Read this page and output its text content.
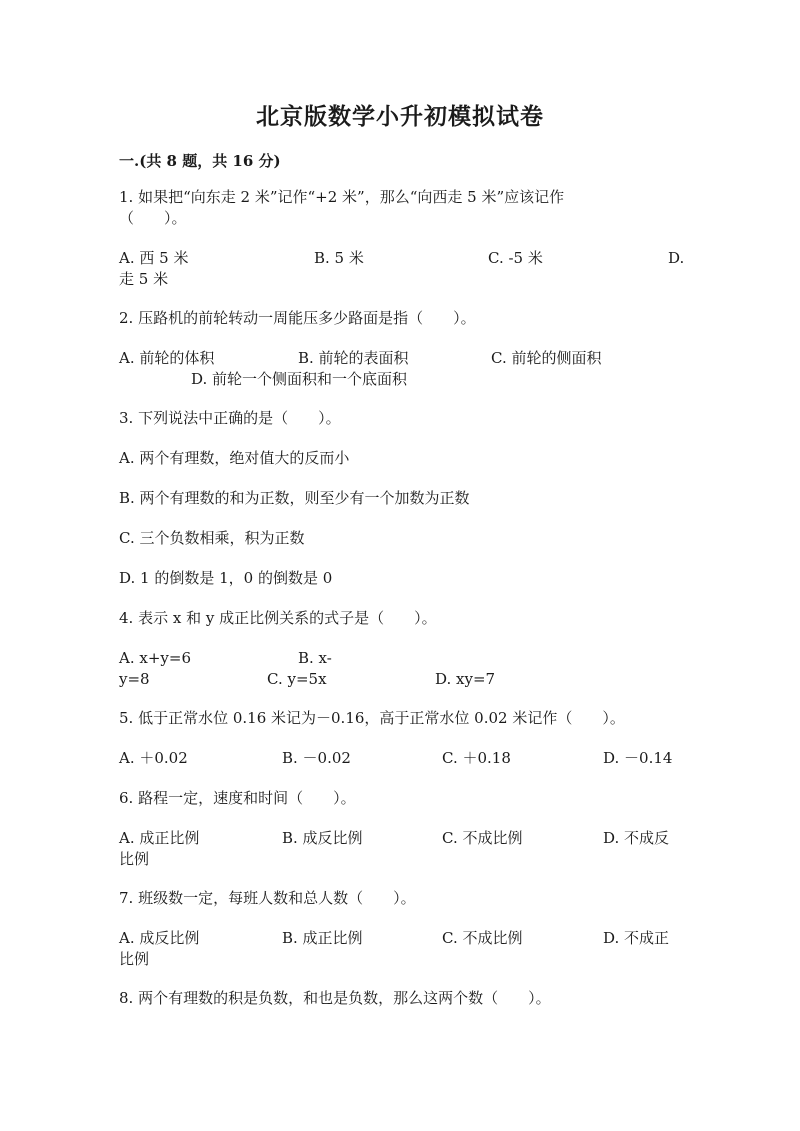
北京版数学小升初模拟试卷
一.(共 8 题，共 16 分)
1. 如果把“向东走 2 米”记作“+2 米”，那么“向西走 5 米”应该记作
（　　）。
A. 西 5 米	B. 5 米	C. -5 米	D.
走 5 米
2. 压路机的前轮转动一周能压多少路面是指（　　）。
A. 前轮的体积	B. 前轮的表面积	C. 前轮的侧面积
D. 前轮一个侧面积和一个底面积
3. 下列说法中正确的是（　　）。
A. 两个有理数，绝对值大的反而小
B. 两个有理数的和为正数，则至少有一个加数为正数
C. 三个负数相乘，积为正数
D. 1 的倒数是 1，0 的倒数是 0
4. 表示 x 和 y 成正比例关系的式子是（　　）。
A. x+y=6	B. x-
y=8	C. y=5x	D. xy=7
5. 低于正常水位 0.16 米记为－0.16，高于正常水位 0.02 米记作（　　）。
A. ＋0.02	B. －0.02	C. ＋0.18	D. －0.14
6. 路程一定，速度和时间（　　）。
A. 成正比例	B. 成反比例	C. 不成比例	D. 不成反
比例
7. 班级数一定，每班人数和总人数（　　）。
A. 成反比例	B. 成正比例	C. 不成比例	D. 不成正
比例
8. 两个有理数的积是负数，和也是负数，那么这两个数（　　）。
